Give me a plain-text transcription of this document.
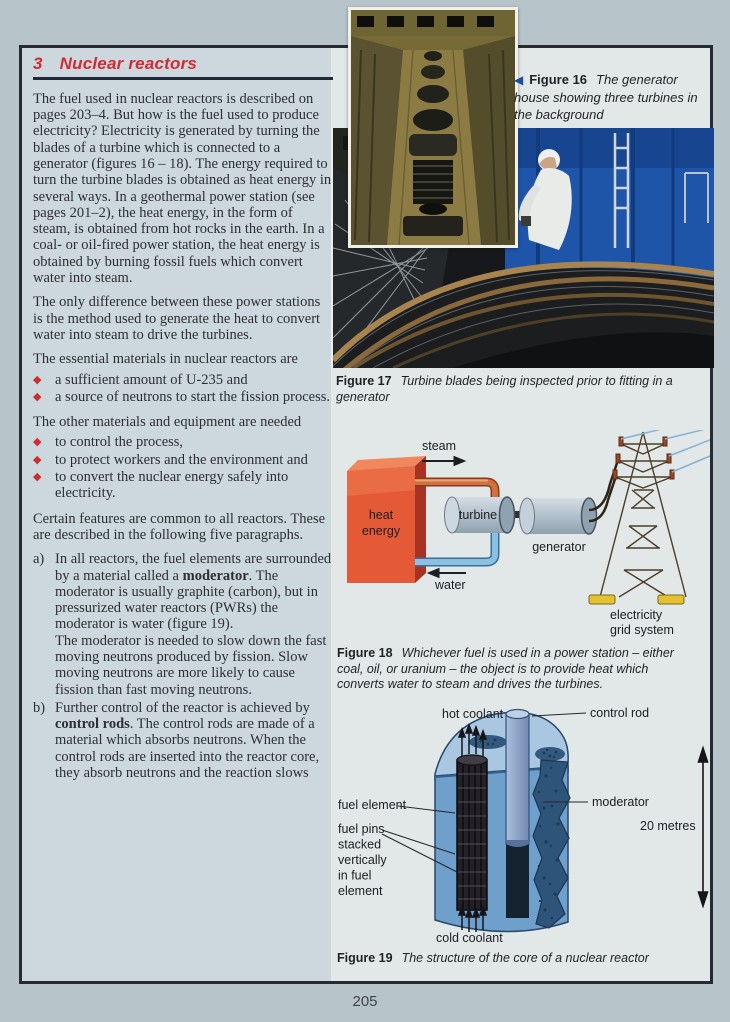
3 Nuclear reactors
The fuel used in nuclear reactors is described on pages 203–4. But how is the fuel used to produce electricity? Electricity is generated by turning the blades of a turbine which is connected to a generator (figures 16 – 18). The energy required to turn the turbine blades is obtained as heat energy in several ways. In a geothermal power station (see pages 201–2), the heat energy, in the form of steam, is obtained from hot rocks in the earth. In a coal- or oil-fired power station, the heat energy is obtained by burning fossil fuels which convert water into steam.
The only difference between these power stations is the method used to generate the heat to convert water into steam to drive the turbines.
The essential materials in nuclear reactors are
◆ a sufficient amount of U-235 and
◆ a source of neutrons to start the fission process.
The other materials and equipment are needed
◆ to control the process,
◆ to protect workers and the environment and
◆ to convert the nuclear energy safely into electricity.
Certain features are common to all reactors. These are described in the following five paragraphs.
a) In all reactors, the fuel elements are surrounded by a material called a moderator. The moderator is usually graphite (carbon), but in pressurized water reactors (PWRs) the moderator is water (figure 19).
The moderator is needed to slow down the fast moving neutrons produced by fission. Slow moving neutrons are more likely to cause fission than fast moving neutrons.
b) Further control of the reactor is achieved by control rods. The control rods are made of a material which absorbs neutrons. When the control rods are inserted into the reactor core, they absorb neutrons and the reaction slows
◀ Figure 16 The generator house showing three turbines in the background
Figure 17 Turbine blades being inspected prior to fitting in a generator
heat energy
steam
water
turbine
generator
electricity grid system
Figure 18 Whichever fuel is used in a power station – either coal, oil, or uranium – the object is to provide heat which converts water to steam and drives the turbines.
hot coolant	control rod
fuel element
fuel pins stacked vertically in fuel element
moderator
20 metres
cold coolant
Figure 19 The structure of the core of a nuclear reactor
205
